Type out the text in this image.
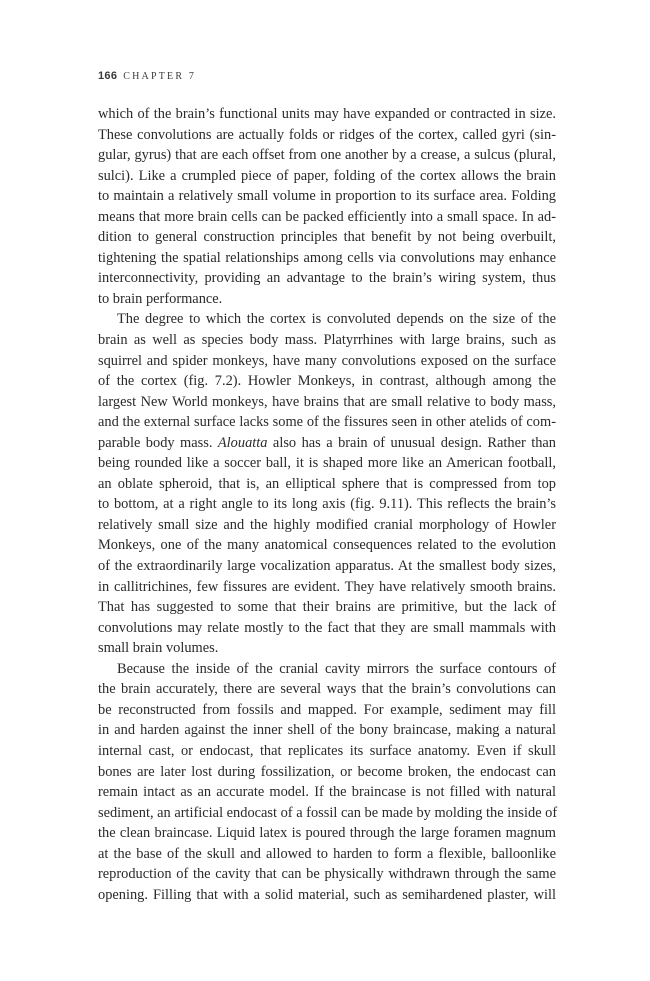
166 CHAPTER 7

which of the brain’s functional units may have expanded or contracted in size.
These convolutions are actually folds or ridges of the cortex, called gyri (sin-
gular, gyrus) that are each offset from one another by a crease, a sulcus (plural,
sulci). Like a crumpled piece of paper, folding of the cortex allows the brain
to maintain a relatively small volume in proportion to its surface area. Folding
means that more brain cells can be packed efficiently into a small space. In ad-
dition to general construction principles that benefit by not being overbuilt,
tightening the spatial relationships among cells via convolutions may enhance
interconnectivity, providing an advantage to the brain’s wiring system, thus
to brain performance.

The degree to which the cortex is convoluted depends on the size of the
brain as well as species body mass. Platyrrhines with large brains, such as
squirrel and spider monkeys, have many convolutions exposed on the surface
of the cortex (fig. 7.2). Howler Monkeys, in contrast, although among the
largest New World monkeys, have brains that are small relative to body mass,
and the external surface lacks some of the fissures seen in other atelids of com-
parable body mass. Alouatta also has a brain of unusual design. Rather than
being rounded like a soccer ball, it is shaped more like an American football,
an oblate spheroid, that is, an elliptical sphere that is compressed from top
to bottom, at a right angle to its long axis (fig. 9.11). This reflects the brain’s
relatively small size and the highly modified cranial morphology of Howler
Monkeys, one of the many anatomical consequences related to the evolution
of the extraordinarily large vocalization apparatus. At the smallest body sizes,
in callitrichines, few fissures are evident. They have relatively smooth brains.
That has suggested to some that their brains are primitive, but the lack of
convolutions may relate mostly to the fact that they are small mammals with
small brain volumes.

Because the inside of the cranial cavity mirrors the surface contours of
the brain accurately, there are several ways that the brain’s convolutions can
be reconstructed from fossils and mapped. For example, sediment may fill
in and harden against the inner shell of the bony braincase, making a natural
internal cast, or endocast, that replicates its surface anatomy. Even if skull
bones are later lost during fossilization, or become broken, the endocast can
remain intact as an accurate model. If the braincase is not filled with natural
sediment, an artificial endocast of a fossil can be made by molding the inside of
the clean braincase. Liquid latex is poured through the large foramen magnum
at the base of the skull and allowed to harden to form a flexible, balloonlike
reproduction of the cavity that can be physically withdrawn through the same
opening. Filling that with a solid material, such as semihardened plaster, will
